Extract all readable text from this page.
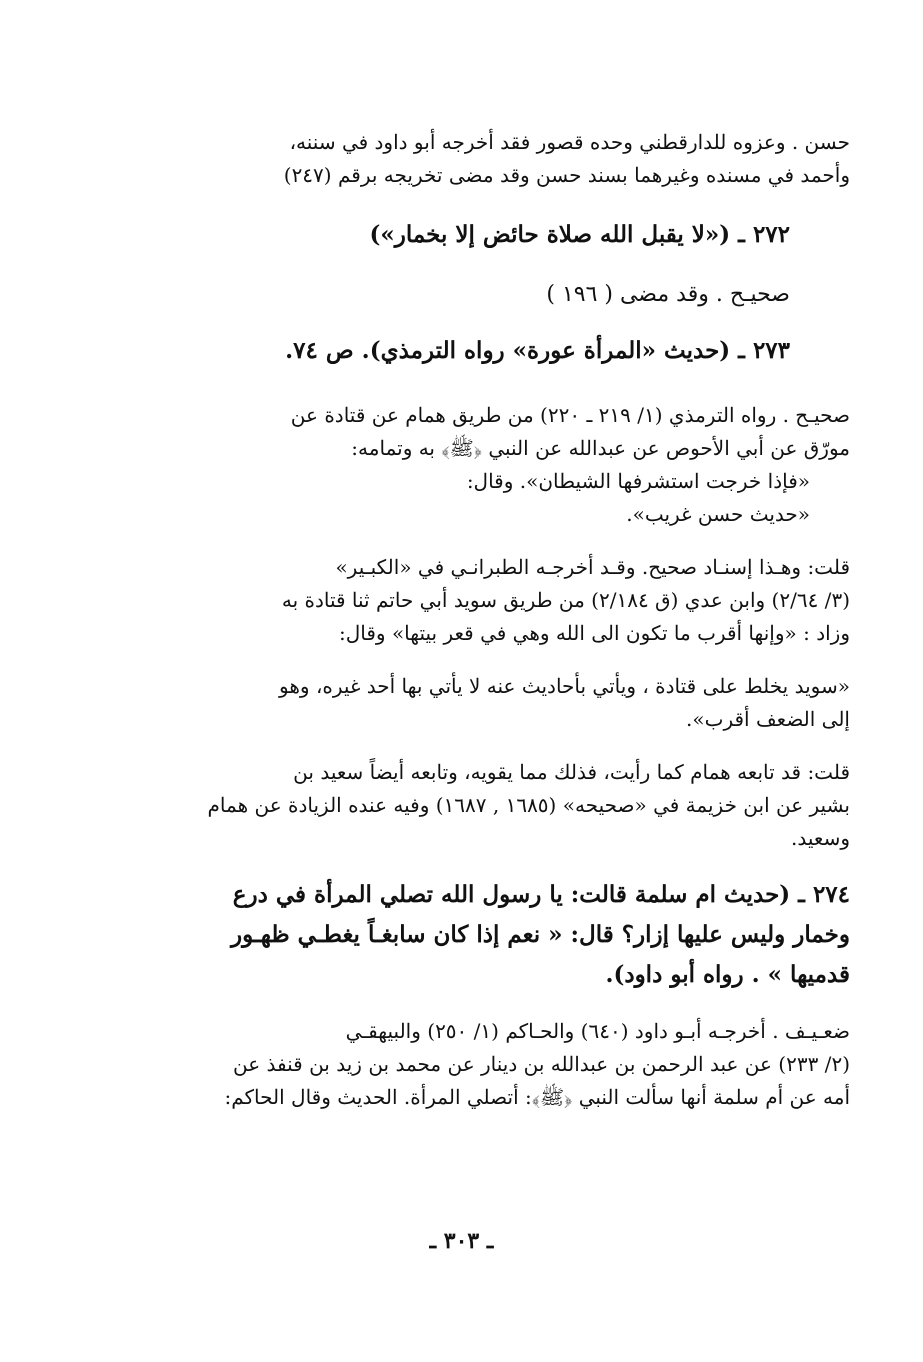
حسن . وعزوه للدارقطني وحده قصور فقد أخرجه أبو داود في سننه،
وأحمد في مسنده وغيرهما بسند حسن وقد مضى تخريجه برقم (٢٤٧)
٢٧٢ ـ («لا يقبل الله صلاة حائض إلا بخمار»)
صحيـح . وقد مضى ( ١٩٦ )
٢٧٣ ـ (حديث «المرأة عورة» رواه الترمذي). ص ٧٤.
صحيـح . رواه الترمذي (١/ ٢١٩ ـ ٢٢٠) من طريق همام عن قتادة عن
مورّق عن أبي الأحوص عن عبدالله عن النبي ﴿ﷺ﴾ به وتمامه:
«فإذا خرجت استشرفها الشيطان». وقال:
«حديث حسن غريب».
قلت: وهـذا إسنـاد صحيح. وقـد أخرجـه الطبرانـي في «الكبـير»
(٣/ ٢/٦٤) وابن عدي (ق ٢/١٨٤) من طريق سويد أبي حاتم ثنا قتادة به
وزاد : «وإنها أقرب ما تكون الى الله وهي في قعر بيتها» وقال:
«سويد يخلط على قتادة ، ويأتي بأحاديث عنه لا يأتي بها أحد غيره، وهو
إلى الضعف أقرب».
قلت: قد تابعه همام كما رأيت، فذلك مما يقويه، وتابعه أيضاً سعيد بن
بشير عن ابن خزيمة في «صحيحه» (١٦٨٥ , ١٦٨٧) وفيه عنده الزيادة عن همام
وسعيد.
٢٧٤ ـ (حديث ام سلمة قالت: يا رسول الله تصلي المرأة في درع
وخمار وليس عليها إزار؟ قال: « نعم إذا كان سابغـاً يغطـي ظهـور
قدميها » . رواه أبو داود).
ضعـيـف . أخرجـه أبـو داود (٦٤٠) والحـاكم (١/ ٢٥٠) والبيهقـي
(٢/ ٢٣٣) عن عبد الرحمن بن عبدالله بن دينار عن محمد بن زيد بن قنفذ عن
أمه عن أم سلمة أنها سألت النبي ﴿ﷺ﴾: أتصلي المرأة. الحديث وقال الحاكم:
ـ ٣٠٣ ـ
